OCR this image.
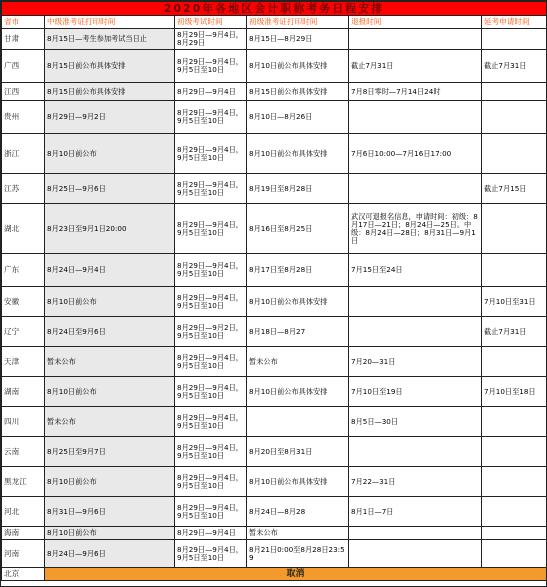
2020年各地区会计职称考务日程安排					
省市	中级准考证打印时间	初级考试时间	初级准考证打印时间	退报时间	延考申请时间
甘肃	8月15日—考生参加考试当日止	8月29日—9月4日，8月29日	8月15日—8月29日		
广西	8月15日前公布具体安排	8月29日—9月4日，9月5日至10日	8月10日前公布具体安排	截止7月31日	截止7月31日
江西	8月15日前公布具体安排	8月29日—9月4日	8月15日前公布具体安排	7月8日零时—7月14日24时	
贵州	8月29日—9月2日	8月29日—9月4日，9月5日至10日	8月10日—8月26日		
浙江	8月10日前公布	8月29日—9月4日，9月5日至10日	8月10日前公布具体安排	7月6日10:00—7月16日17:00	
江苏	8月25日—9月6日	8月29日—9月4日，9月5日至10日	8月19日至8月28日		截止7月15日
湖北	8月23日至9月1日20:00	8月29日—9月4日，9月5日至10日	8月16日至8月25日	武汉可退报名信息，申请时间：初级：8月17日—21日；8月24日—25日。中级：8月24日—28日；8月31日—9月1日	
广东	8月24日—9月4日	8月29日—9月4日，9月5日至10日	8月17日至8月28日	7月15日至24日	
安徽	8月10日前公布	8月29日—9月4日，9月5日至10日	8月10日前公布具体安排		7月10日至31日
辽宁	8月24日至9月6日	8月29日—9月2日，9月5日至10日	8月18日—8月27		截止7月31日
天津	暂未公布	8月29日—9月4日，9月5日至10日	暂未公布	7月20—31日	
湖南	8月10日前公布	8月29日—9月4日，9月5日至10日	8月10日前公布具体安排	7月10日至19日	7月10日至18日
四川	暂未公布	8月29日—9月4日，9月5日至10日		8月5日—30日	
云南	8月25日至9月7日	8月29日—9月4日，9月5日至10日	8月20日至8月31日		
黑龙江	8月10日前公布	8月29日—9月4日，9月5日至10日	8月10日前公布具体安排	7月22—31日	
河北	8月31日—9月6日	8月29日—9月4日，9月5日至10日	8月24日—8月28	8月1日—7日	
海南	8月10日前公布	8月29日—9月4日	暂未公布		
河南	8月24日—9月6日	8月29日—9月4日，9月5日至10日	8月21日0:00至8月28日23:59		
北京	取消				
